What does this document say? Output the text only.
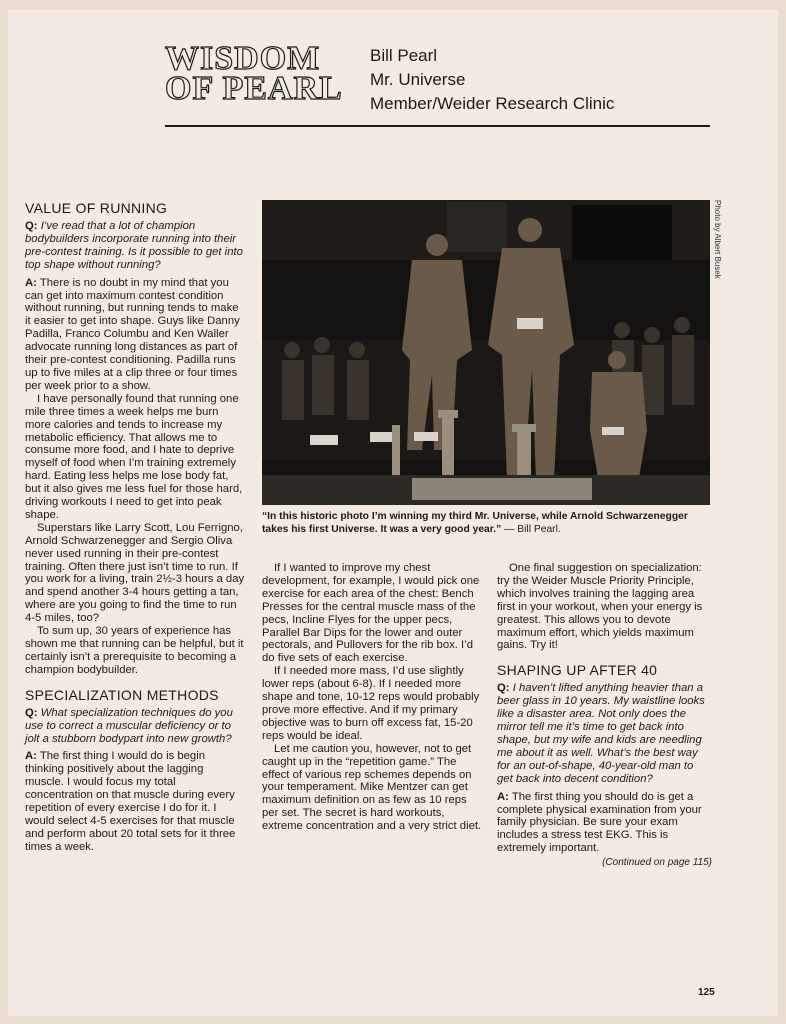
WISDOM
OF PEARL
Bill Pearl
Mr. Universe
Member/Weider Research Clinic
VALUE OF RUNNING
Q: I’ve read that a lot of champion bodybuilders incorporate running into their pre-contest training. Is it possible to get into top shape without running?
A: There is no doubt in my mind that you can get into maximum contest condition without running, but running tends to make it easier to get into shape. Guys like Danny Padilla, Franco Columbu and Ken Waller advocate running long distances as part of their pre-contest conditioning. Padilla runs up to five miles at a clip three or four times per week prior to a show.

I have personally found that running one mile three times a week helps me burn more calories and tends to increase my metabolic efficiency. That allows me to consume more food, and I hate to deprive myself of food when I’m training extremely hard. Eating less helps me lose body fat, but it also gives me less fuel for those hard, driving workouts I need to get into peak shape.

Superstars like Larry Scott, Lou Ferrigno, Arnold Schwarzenegger and Sergio Oliva never used running in their pre-contest training. Often there just isn’t time to run. If you work for a living, train 2½-3 hours a day and spend another 3-4 hours getting a tan, where are you going to find the time to run 4-5 miles, too?

To sum up, 30 years of experience has shown me that running can be helpful, but it certainly isn’t a prerequisite to becoming a champion bodybuilder.

SPECIALIZATION METHODS
Q: What specialization techniques do you use to correct a muscular deficiency or to jolt a stubborn bodypart into new growth?
A: The first thing I would do is begin thinking positively about the lagging muscle. I would focus my total concentration on that muscle during every repetition of every exercise I do for it. I would select 4-5 exercises for that muscle and perform about 20 total sets for it three times a week.
Photo by Albert Busek
“In this historic photo I’m winning my third Mr. Universe, while Arnold Schwarzenegger takes his first Universe. It was a very good year.” — Bill Pearl.

If I wanted to improve my chest development, for example, I would pick one exercise for each area of the chest: Bench Presses for the central muscle mass of the pecs, Incline Flyes for the upper pecs, Parallel Bar Dips for the lower and outer pectorals, and Pullovers for the rib box. I’d do five sets of each exercise.

If I needed more mass, I’d use slightly lower reps (about 6-8). If I needed more shape and tone, 10-12 reps would probably prove more effective. And if my primary objective was to burn off excess fat, 15-20 reps would be ideal.

Let me caution you, however, not to get caught up in the “repetition game.” The effect of various rep schemes depends on your temperament. Mike Mentzer can get maximum definition on as few as 10 reps per set. The secret is hard workouts, extreme concentration and a very strict diet.

One final suggestion on specialization: try the Weider Muscle Priority Principle, which involves training the lagging area first in your workout, when your energy is greatest. This allows you to devote maximum effort, which yields maximum gains. Try it!

SHAPING UP AFTER 40
Q: I haven’t lifted anything heavier than a beer glass in 10 years. My waistline looks like a disaster area. Not only does the mirror tell me it’s time to get back into shape, but my wife and kids are needling me about it as well. What’s the best way for an out-of-shape, 40-year-old man to get back into decent condition?
A: The first thing you should do is get a complete physical examination from your family physician. Be sure your exam includes a stress test EKG. This is extremely important.
(Continued on page 115)
125
